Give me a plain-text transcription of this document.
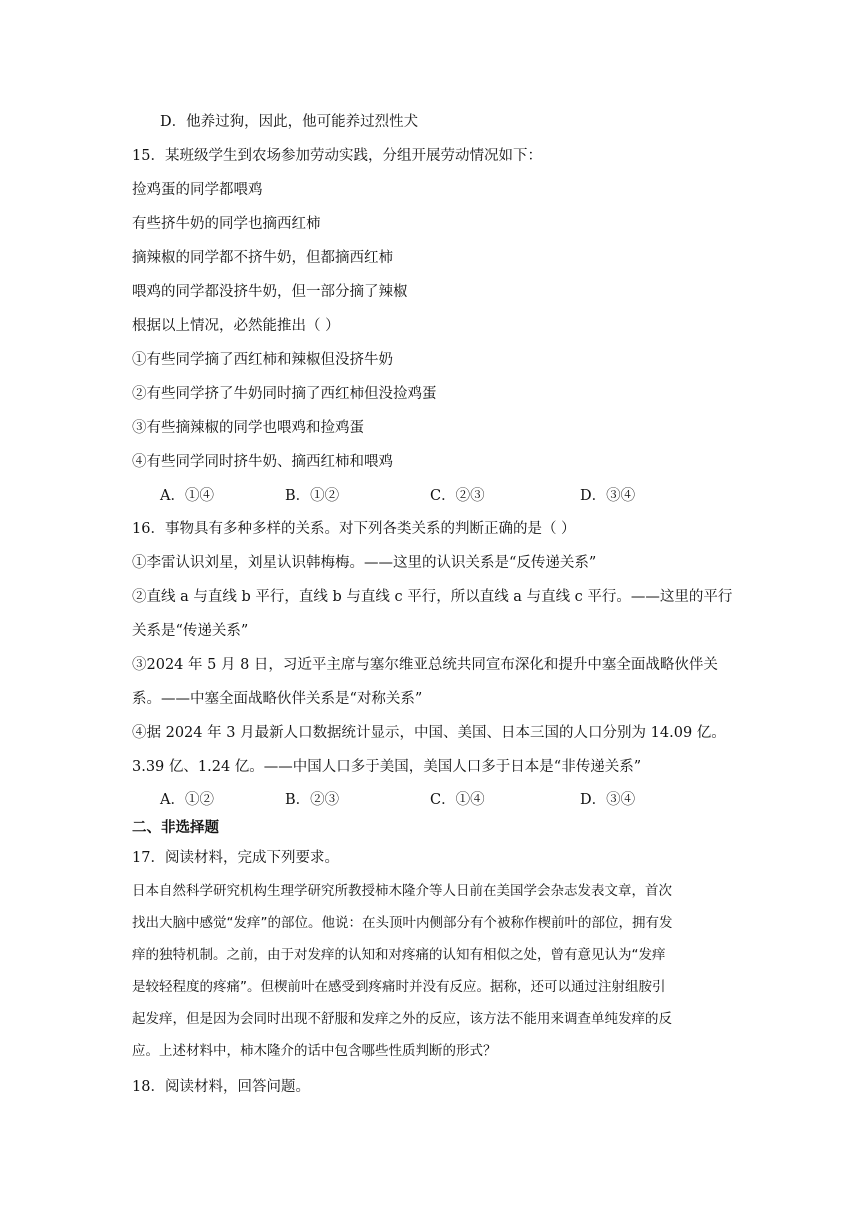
D．他养过狗，因此，他可能养过烈性犬
15．某班级学生到农场参加劳动实践，分组开展劳动情况如下：
捡鸡蛋的同学都喂鸡
有些挤牛奶的同学也摘西红柿
摘辣椒的同学都不挤牛奶，但都摘西红柿
喂鸡的同学都没挤牛奶，但一部分摘了辣椒
根据以上情况，必然能推出（ ）
①有些同学摘了西红柿和辣椒但没挤牛奶
②有些同学挤了牛奶同时摘了西红柿但没捡鸡蛋
③有些摘辣椒的同学也喂鸡和捡鸡蛋
④有些同学同时挤牛奶、摘西红柿和喂鸡
A．①④	B．①②	C．②③	D．③④
16．事物具有多种多样的关系。对下列各类关系的判断正确的是（ ）
①李雷认识刘星，刘星认识韩梅梅。——这里的认识关系是“反传递关系”
②直线 a 与直线 b 平行，直线 b 与直线 c 平行，所以直线 a 与直线 c 平行。——这里的平行
关系是“传递关系”
③2024 年 5 月 8 日，习近平主席与塞尔维亚总统共同宣布深化和提升中塞全面战略伙伴关
系。——中塞全面战略伙伴关系是“对称关系”
④据 2024 年 3 月最新人口数据统计显示，中国、美国、日本三国的人口分别为 14.09 亿。
3.39 亿、1.24 亿。——中国人口多于美国，美国人口多于日本是“非传递关系”
A．①②	B．②③	C．①④	D．③④
二、非选择题
17．阅读材料，完成下列要求。
日本自然科学研究机构生理学研究所教授柿木隆介等人日前在美国学会杂志发表文章，首次
找出大脑中感觉“发痒”的部位。他说：在头顶叶内侧部分有个被称作楔前叶的部位，拥有发
痒的独特机制。之前，由于对发痒的认知和对疼痛的认知有相似之处，曾有意见认为“发痒
是较轻程度的疼痛”。但楔前叶在感受到疼痛时并没有反应。据称，还可以通过注射组胺引
起发痒，但是因为会同时出现不舒服和发痒之外的反应，该方法不能用来调查单纯发痒的反
应。上述材料中，柿木隆介的话中包含哪些性质判断的形式？
18．阅读材料，回答问题。
